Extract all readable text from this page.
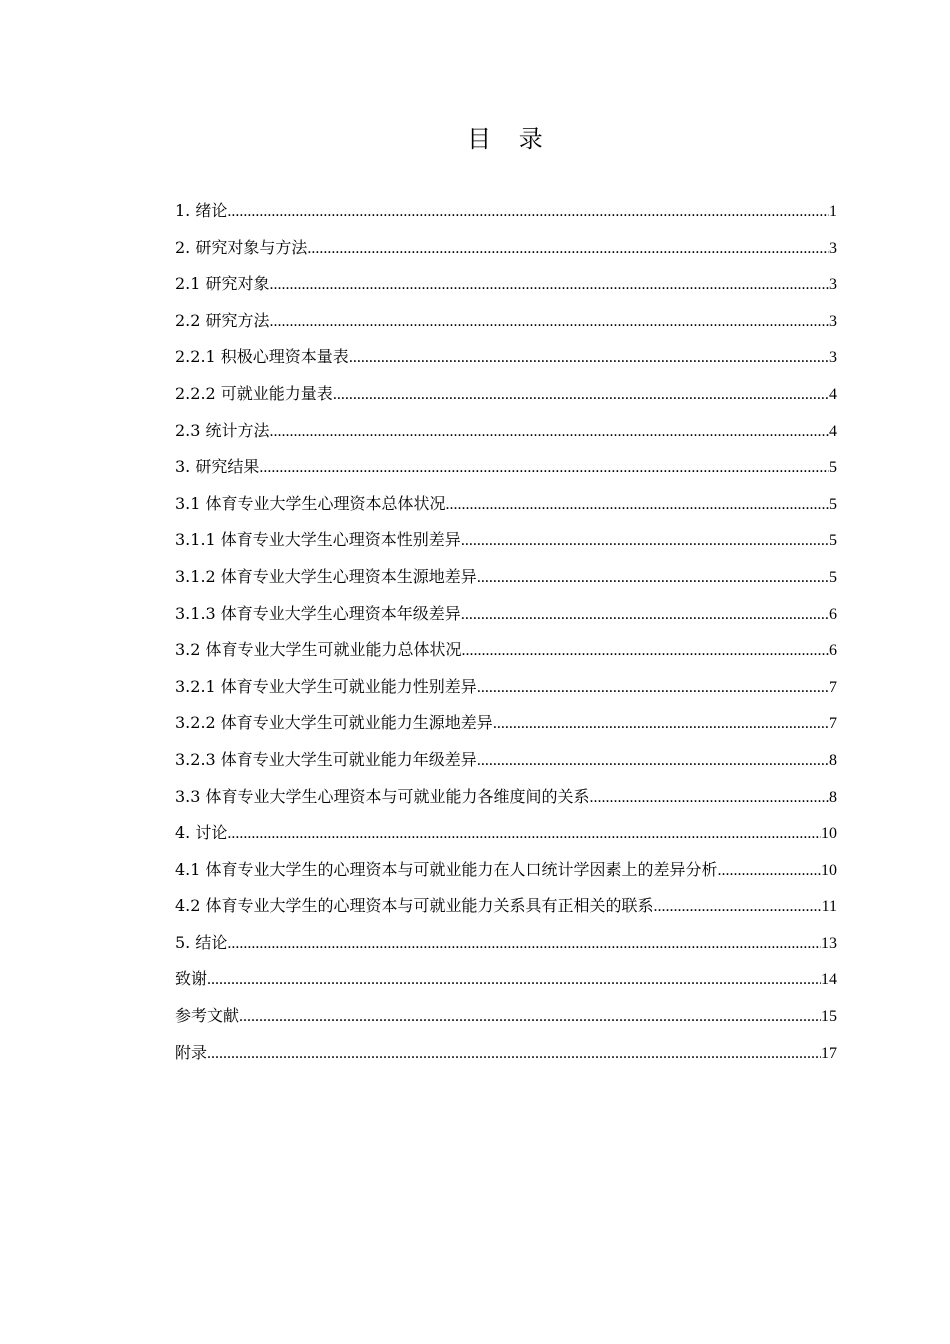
目 录
1. 绪论 .....	1
2. 研究对象与方法 .....	3
2.1 研究对象 .....	3
2.2 研究方法 .....	3
2.2.1 积极心理资本量表 .....	3
2.2.2 可就业能力量表 .....	4
2.3 统计方法 .....	4
3. 研究结果 .....	5
3.1 体育专业大学生心理资本总体状况 .....	5
3.1.1 体育专业大学生心理资本性别差异 .....	5
3.1.2 体育专业大学生心理资本生源地差异 .....	5
3.1.3 体育专业大学生心理资本年级差异 .....	6
3.2 体育专业大学生可就业能力总体状况 .....	6
3.2.1 体育专业大学生可就业能力性别差异 .....	7
3.2.2 体育专业大学生可就业能力生源地差异 .....	7
3.2.3 体育专业大学生可就业能力年级差异 .....	8
3.3 体育专业大学生心理资本与可就业能力各维度间的关系 .....	8
4. 讨论 .....	10
4.1 体育专业大学生的心理资本与可就业能力在人口统计学因素上的差异分析 .....	10
4.2 体育专业大学生的心理资本与可就业能力关系具有正相关的联系 .....	11
5. 结论 .....	13
致谢 .....	14
参考文献 .....	15
附录 .....	17
